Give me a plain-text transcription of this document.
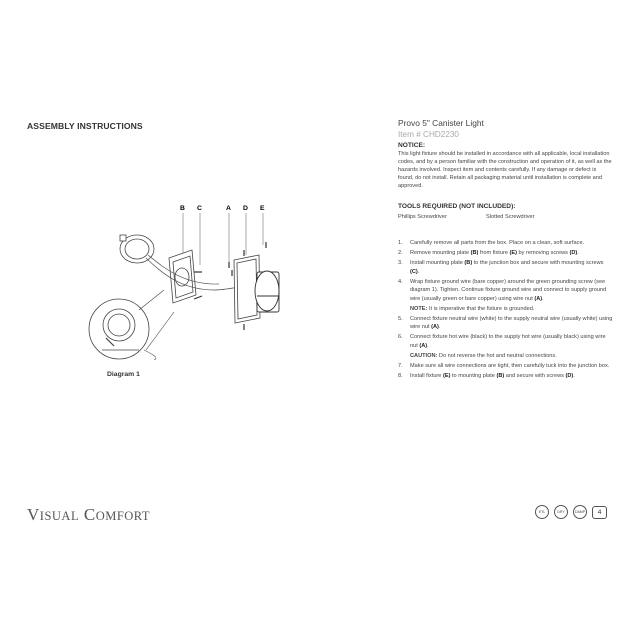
ASSEMBLY INSTRUCTIONS
B C	A D E
Diagram 1
Provo 5" Canister Light
Item # CHD2230
NOTICE:
This light fixture should be installed in accordance with all applicable, local installation codes, and by a person familiar with the construction and operation of it, as well as the hazards involved. Inspect item and contents carefully. If any damage or defect is found, do not install. Retain all packaging material until installation is complete and approved.
TOOLS REQUIRED (NOT INCLUDED):
Phillips Screwdriver	Slotted Screwdriver
1.	Carefully remove all parts from the box. Place on a clean, soft surface.
2.	Remove mounting plate (B) from fixture (E) by removing screws (D).
3.	Install mounting plate (B) to the junction box and secure with mounting screws (C).
4.	Wrap fixture ground wire (bare copper) around the green grounding screw (see diagram 1). Tighten. Continue fixture ground wire and connect to supply ground wire (usually green or bare copper) using wire nut (A).
NOTE: It is imperative that the fixture is grounded.
5.	Connect fixture neutral wire (white) to the supply neutral wire (usually white) using wire nut (A).
6.	Connect fixture hot wire (black) to the supply hot wire (usually black) using wire nut (A).
CAUTION: Do not reverse the hot and neutral connections.
7.	Make sure all wire connections are tight, then carefully tuck into the junction box.
8.	Install fixture (E) to mounting plate (B) and secure with screws (D).
VISUAL COMFORT	ETL	DRY	DAMP	4
